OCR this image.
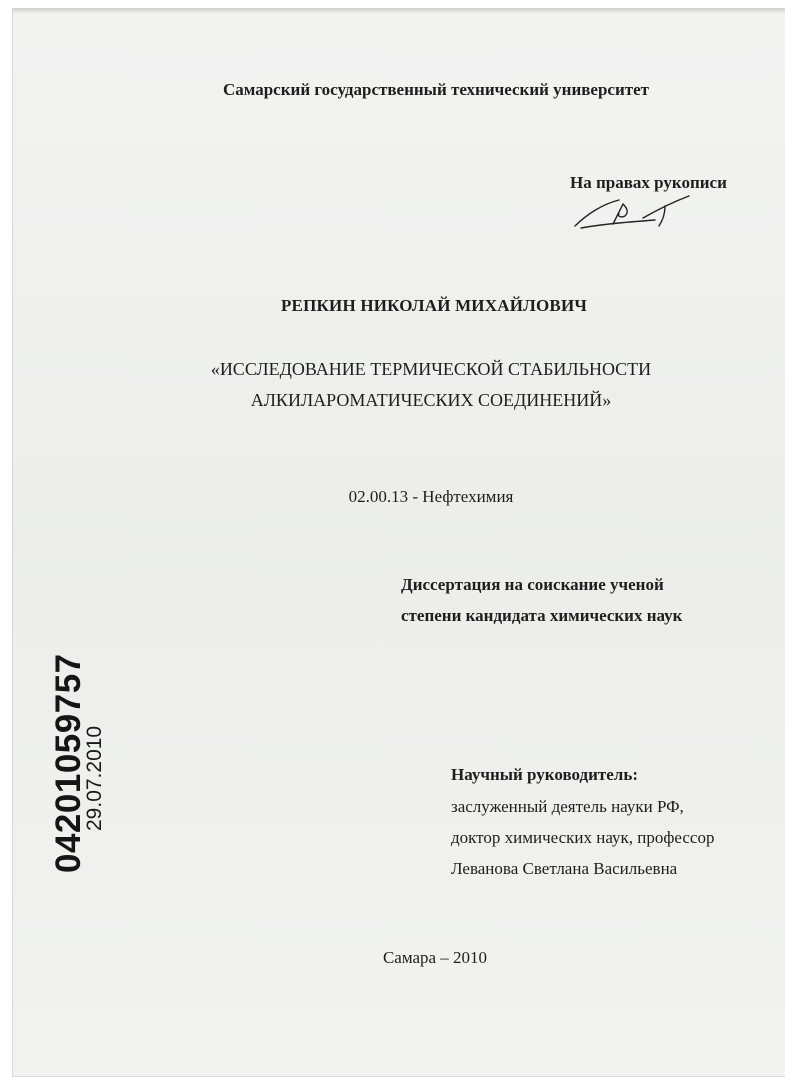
Самарский государственный технический университет
На правах рукописи
РЕПКИН НИКОЛАЙ МИХАЙЛОВИЧ
«ИССЛЕДОВАНИЕ ТЕРМИЧЕСКОЙ СТАБИЛЬНОСТИ
АЛКИЛАРОМАТИЧЕСКИХ СОЕДИНЕНИЙ»
02.00.13 - Нефтехимия
Диссертация на соискание ученой
степени кандидата химических наук
Научный руководитель:
заслуженный деятель науки РФ,
доктор химических наук, профессор
Леванова Светлана Васильевна
Самара – 2010
04201059757
29.07.2010
